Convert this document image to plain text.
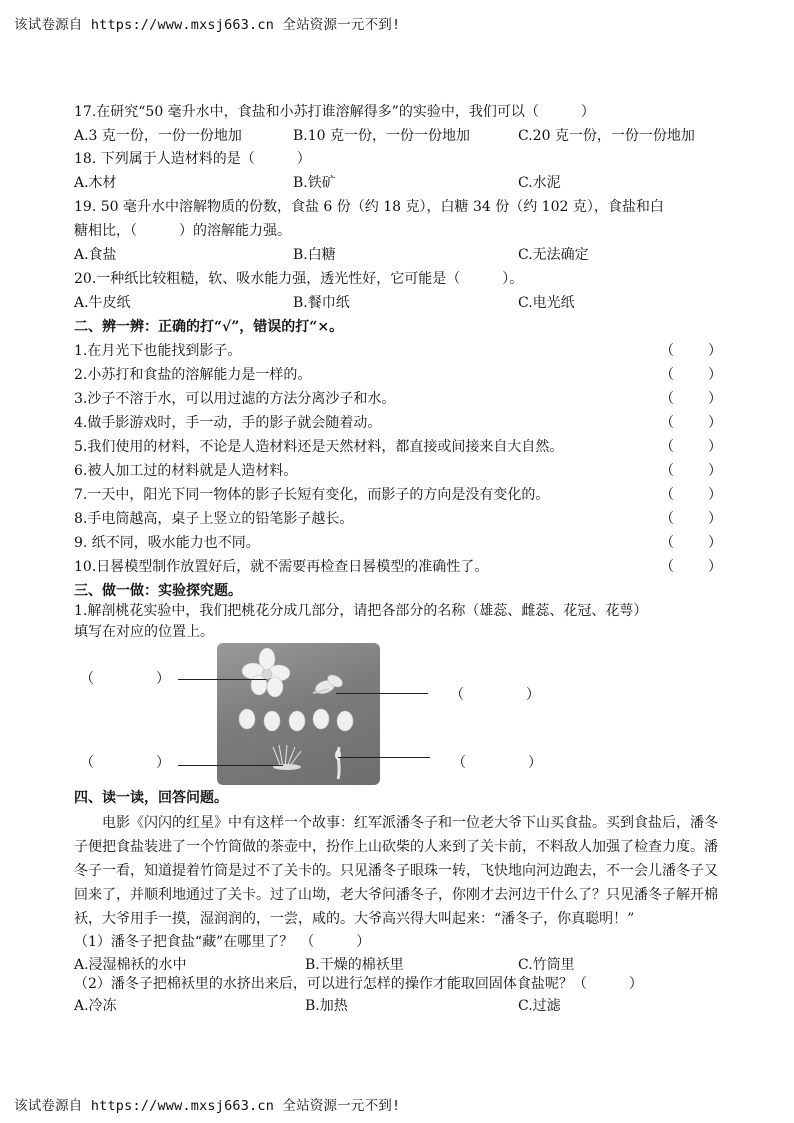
该试卷源自 https://www.mxsj663.cn 全站资源一元不到!
17.在研究“50 毫升水中，食盐和小苏打谁溶解得多”的实验中，我们可以（　　　）
A.3 克一份，一份一份地加	B.10 克一份，一份一份地加	C.20 克一份，一份一份地加
18. 下列属于人造材料的是（　　　）
A.木材	B.铁矿	C.水泥
19. 50 毫升水中溶解物质的份数，食盐 6 份（约 18 克），白糖 34 份（约 102 克），食盐和白
糖相比，（　　　）的溶解能力强。
A.食盐	B.白糖	C.无法确定
20.一种纸比较粗糙，软、吸水能力强，透光性好，它可能是（　　　）。
A.牛皮纸	B.餐巾纸	C.电光纸
二、辨一辨：正确的打“√”，错误的打“×。
1.在月光下也能找到影子。	（ ）
2.小苏打和食盐的溶解能力是一样的。	（ ）
3.沙子不溶于水，可以用过滤的方法分离沙子和水。	（ ）
4.做手影游戏时，手一动，手的影子就会随着动。	（ ）
5.我们使用的材料，不论是人造材料还是天然材料，都直接或间接来自大自然。	（ ）
6.被人加工过的材料就是人造材料。	（ ）
7.一天中，阳光下同一物体的影子长短有变化，而影子的方向是没有变化的。	（ ）
8.手电筒越高，桌子上竖立的铅笔影子越长。	（ ）
9. 纸不同，吸水能力也不同。	（ ）
10.日晷模型制作放置好后，就不需要再检查日晷模型的准确性了。	（ ）
三、做一做：实验探究题。
1.解剖桃花实验中，我们把桃花分成几部分，请把各部分的名称（雄蕊、雌蕊、花冠、花萼）
填写在对应的位置上。
（	）
（	）
（	）	（	）
四、读一读，回答问题。
电影《闪闪的红星》中有这样一个故事：红军派潘冬子和一位老大爷下山买食盐。买到食盐后，潘冬子便把食盐装进了一个竹筒做的茶壶中，扮作上山砍柴的人来到了关卡前，不料敌人加强了检查力度。潘冬子一看，知道提着竹筒是过不了关卡的。只见潘冬子眼珠一转，飞快地向河边跑去，不一会儿潘冬子又回来了，并顺利地通过了关卡。过了山坳，老大爷问潘冬子，你刚才去河边干什么了？只见潘冬子解开棉袄，大爷用手一摸，湿润润的，一尝，咸的。大爷高兴得大叫起来：“潘冬子，你真聪明！”
（1）潘冬子把食盐“藏”在哪里了？　（　　　）
A.浸湿棉袄的水中	B.干燥的棉袄里	C.竹筒里
（2）潘冬子把棉袄里的水挤出来后，可以进行怎样的操作才能取回固体食盐呢？（　　　）
A.冷冻	B.加热	C.过滤
该试卷源自 https://www.mxsj663.cn 全站资源一元不到!
